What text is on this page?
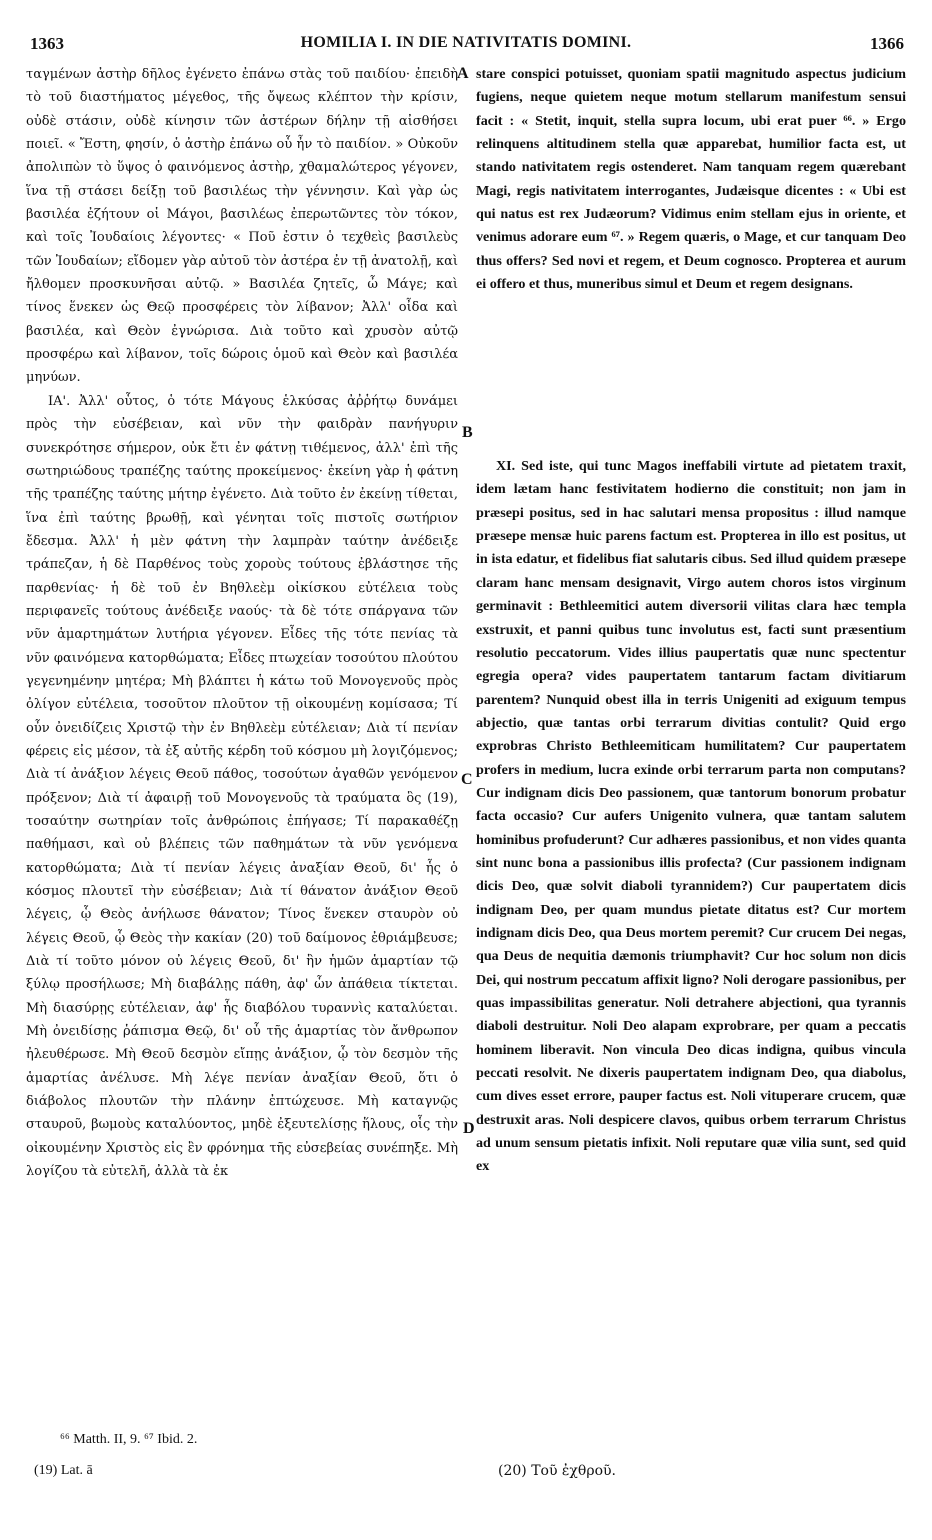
1363	HOMILIA I. IN DIE NATIVITATIS DOMINI.	1366

ταγμένων ἀστὴρ δῆλος ἐγένετο ἐπάνω στὰς τοῦ παιδίου· ἐπειδὴ τὸ τοῦ διαστήματος μέγεθος, τῆς ὄψεως κλέπτον τὴν κρίσιν, οὐδὲ στάσιν, οὐδὲ κίνησιν τῶν ἀστέρων δήλην τῇ αἰσθήσει ποιεῖ. « Ἔστη, φησίν, ὁ ἀστὴρ ἐπάνω οὗ ἦν τὸ παιδίον. » Οὐκοῦν ἀπολιπὼν τὸ ὕψος ὁ φαινόμενος ἀστὴρ, χθαμαλώτερος γέγονεν, ἵνα τῇ στάσει δείξῃ τοῦ βασιλέως τὴν γέννησιν. Καὶ γὰρ ὡς βασιλέα ἐζήτουν οἱ Μάγοι, βασιλέως ἐπερωτῶντες τὸν τόκον, καὶ τοῖς Ἰουδαίοις λέγοντες· « Ποῦ ἐστιν ὁ τεχθεὶς βασιλεὺς τῶν Ἰουδαίων; εἴδομεν γὰρ αὐτοῦ τὸν ἀστέρα ἐν τῇ ἀνατολῇ, καὶ ἤλθομεν προσκυνῆσαι αὐτῷ. » Βασιλέα ζητεῖς, ὦ Μάγε; καὶ τίνος ἕνεκεν ὡς Θεῷ προσφέρεις τὸν λίβανον; Ἀλλ' οἶδα καὶ βασιλέα, καὶ Θεὸν ἐγνώρισα. Διὰ τοῦτο καὶ χρυσὸν αὐτῷ προσφέρω καὶ λίβανον, τοῖς δώροις ὁμοῦ καὶ Θεὸν καὶ βασιλέα μηνύων.

ΙΑ'. Ἀλλ' οὗτος, ὁ τότε Μάγους ἑλκύσας ἀῤῥήτῳ δυνάμει πρὸς τὴν εὐσέβειαν, καὶ νῦν τὴν φαιδρὰν πανήγυριν συνεκρότησε σήμερον, οὐκ ἔτι ἐν φάτνῃ τιθέμενος, ἀλλ' ἐπὶ τῆς σωτηριώδους τραπέζης ταύτης προκείμενος· ἐκείνη γὰρ ἡ φάτνη τῆς τραπέζης ταύτης μήτηρ ἐγένετο. Διὰ τοῦτο ἐν ἐκείνῃ τίθεται, ἵνα ἐπὶ ταύτης βρωθῇ, καὶ γένηται τοῖς πιστοῖς σωτήριον ἔδεσμα. Ἀλλ' ἡ μὲν φάτνη τὴν λαμπρὰν ταύτην ἀνέδειξε τράπεζαν, ἡ δὲ Παρθένος τοὺς χοροὺς τούτους ἐβλάστησε τῆς παρθενίας· ἡ δὲ τοῦ ἐν Βηθλεὲμ οἰκίσκου εὐτέλεια τοὺς περιφανεῖς τούτους ἀνέδειξε ναούς· τὰ δὲ τότε σπάργανα τῶν νῦν ἁμαρτημάτων λυτήρια γέγονεν. Εἶδες τῆς τότε πενίας τὰ νῦν φαινόμενα κατορθώματα; Εἶδες πτωχείαν τοσούτου πλούτου γεγενημένην μητέρα; Μὴ βλάπτει ἡ κάτω τοῦ Μονογενοῦς πρὸς ὀλίγον εὐτέλεια, τοσοῦτον πλοῦτον τῇ οἰκουμένῃ κομίσασα; Τί οὖν ὀνειδίζεις Χριστῷ τὴν ἐν Βηθλεὲμ εὐτέλειαν; Διὰ τί πενίαν φέρεις εἰς μέσον, τὰ ἐξ αὐτῆς κέρδη τοῦ κόσμου μὴ λογιζόμενος; Διὰ τί ἀνάξιον λέγεις Θεοῦ πάθος, τοσούτων ἀγαθῶν γενόμενον πρόξενον; Διὰ τί ἀφαιρῇ τοῦ Μονογενοῦς τὰ τραύματα ὃς (19), τοσαύτην σωτηρίαν τοῖς ἀνθρώποις ἐπήγασε; Τί παρακαθέζῃ παθήμασι, καὶ οὐ βλέπεις τῶν παθημάτων τὰ νῦν γενόμενα κατορθώματα; Διὰ τί πενίαν λέγεις ἀναξίαν Θεοῦ, δι' ἧς ὁ κόσμος πλουτεῖ τὴν εὐσέβειαν; Διὰ τί θάνατον ἀνάξιον Θεοῦ λέγεις, ᾧ Θεὸς ἀνήλωσε θάνατον; Τίνος ἕνεκεν σταυρὸν οὐ λέγεις Θεοῦ, ᾧ Θεὸς τὴν κακίαν (20) τοῦ δαίμονος ἐθριάμβευσε; Διὰ τί τοῦτο μόνον οὐ λέγεις Θεοῦ, δι' ἣν ἡμῶν ἁμαρτίαν τῷ ξύλῳ προσήλωσε; Μὴ διαβάλῃς πάθη, ἀφ' ὧν ἀπάθεια τίκτεται. Μὴ διασύρῃς εὐτέλειαν, ἀφ' ἧς διαβόλου τυραννὶς καταλύεται. Μὴ ὀνειδίσῃς ῥάπισμα Θεῷ, δι' οὗ τῆς ἁμαρτίας τὸν ἄνθρωπον ἠλευθέρωσε. Μὴ Θεοῦ δεσμὸν εἴπῃς ἀνάξιον, ᾧ τὸν δεσμὸν τῆς ἁμαρτίας ἀνέλυσε. Μὴ λέγε πενίαν ἀναξίαν Θεοῦ, ὅτι ὁ διάβολος πλουτῶν τὴν πλάνην ἐπτώχευσε. Μὴ καταγνῷς σταυροῦ, βωμοὺς καταλύοντος, μηδὲ ἐξευτελίσῃς ἥλους, οἷς τὴν οἰκουμένην Χριστὸς εἰς ἓν φρόνημα τῆς εὐσεβείας συνέπηξε. Μὴ λογίζου τὰ εὐτελῆ, ἀλλὰ τὰ ἐκ

stare conspici potuisset, quoniam spatii magnitudo aspectus judicium fugiens, neque quietem neque motum stellarum manifestum sensui facit : « Stetit, inquit, stella supra locum, ubi erat puer ⁶⁶. » Ergo relinquens altitudinem stella quæ apparebat, humilior facta est, ut stando nativitatem regis ostenderet. Nam tanquam regem quærebant Magi, regis nativitatem interrogantes, Judæisque dicentes : « Ubi est qui natus est rex Judæorum? Vidimus enim stellam ejus in oriente, et venimus adorare eum ⁶⁷. » Regem quæris, o Mage, et cur tanquam Deo thus offers? Sed novi et regem, et Deum cognosco. Propterea et aurum ei offero et thus, muneribus simul et Deum et regem designans.

XI. Sed iste, qui tunc Magos ineffabili virtute ad pietatem traxit, idem lætam hanc festivitatem hodierno die constituit; non jam in præsepi positus, sed in hac salutari mensa propositus : illud namque præsepe mensæ huic parens factum est. Propterea in illo est positus, ut in ista edatur, et fidelibus fiat salutaris cibus. Sed illud quidem præsepe claram hanc mensam designavit, Virgo autem choros istos virginum germinavit : Bethleemitici autem diversorii vilitas clara hæc templa exstruxit, et panni quibus tunc involutus est, facti sunt præsentium resolutio peccatorum. Vides illius paupertatis quæ nunc spectentur egregia opera? vides paupertatem tantarum factam divitiarum parentem? Nunquid obest illa in terris Unigeniti ad exiguum tempus abjectio, quæ tantas orbi terrarum divitias contulit? Quid ergo exprobras Christo Bethleemiticam humilitatem? Cur paupertatem profers in medium, lucra exinde orbi terrarum parta non computans? Cur indignam dicis Deo passionem, quæ tantorum bonorum probatur facta occasio? Cur aufers Unigenito vulnera, quæ tantam salutem hominibus profuderunt? Cur adhæres passionibus, et non vides quanta sint nunc bona a passionibus illis profecta? (Cur passionem indignam dicis Deo, quæ solvit diaboli tyrannidem?) Cur paupertatem dicis indignam Deo, per quam mundus pietate ditatus est? Cur mortem indignam dicis Deo, qua Deus mortem peremit? Cur crucem Dei negas, qua Deus de nequitia dæmonis triumphavit? Cur hoc solum non dicis Dei, qui nostrum peccatum affixit ligno? Noli derogare passionibus, per quas impassibilitas generatur. Noli detrahere abjectioni, qua tyrannis diaboli destruitur. Noli Deo alapam exprobrare, per quam a peccatis hominem liberavit. Non vincula Deo dicas indigna, quibus vincula peccati resolvit. Ne dixeris paupertatem indignam Deo, qua diabolus, cum dives esset errore, pauper factus est. Noli vituperare crucem, quæ destruxit aras. Noli despicere clavos, quibus orbem terrarum Christus ad unum sensum pietatis infixit. Noli reputare quæ vilia sunt, sed quid ex

A
B
C
D
⁶⁶ Matth. II, 9. ⁶⁷ Ibid. 2.
(19) Lat. ā	(20) Τοῦ ἐχθροῦ.
